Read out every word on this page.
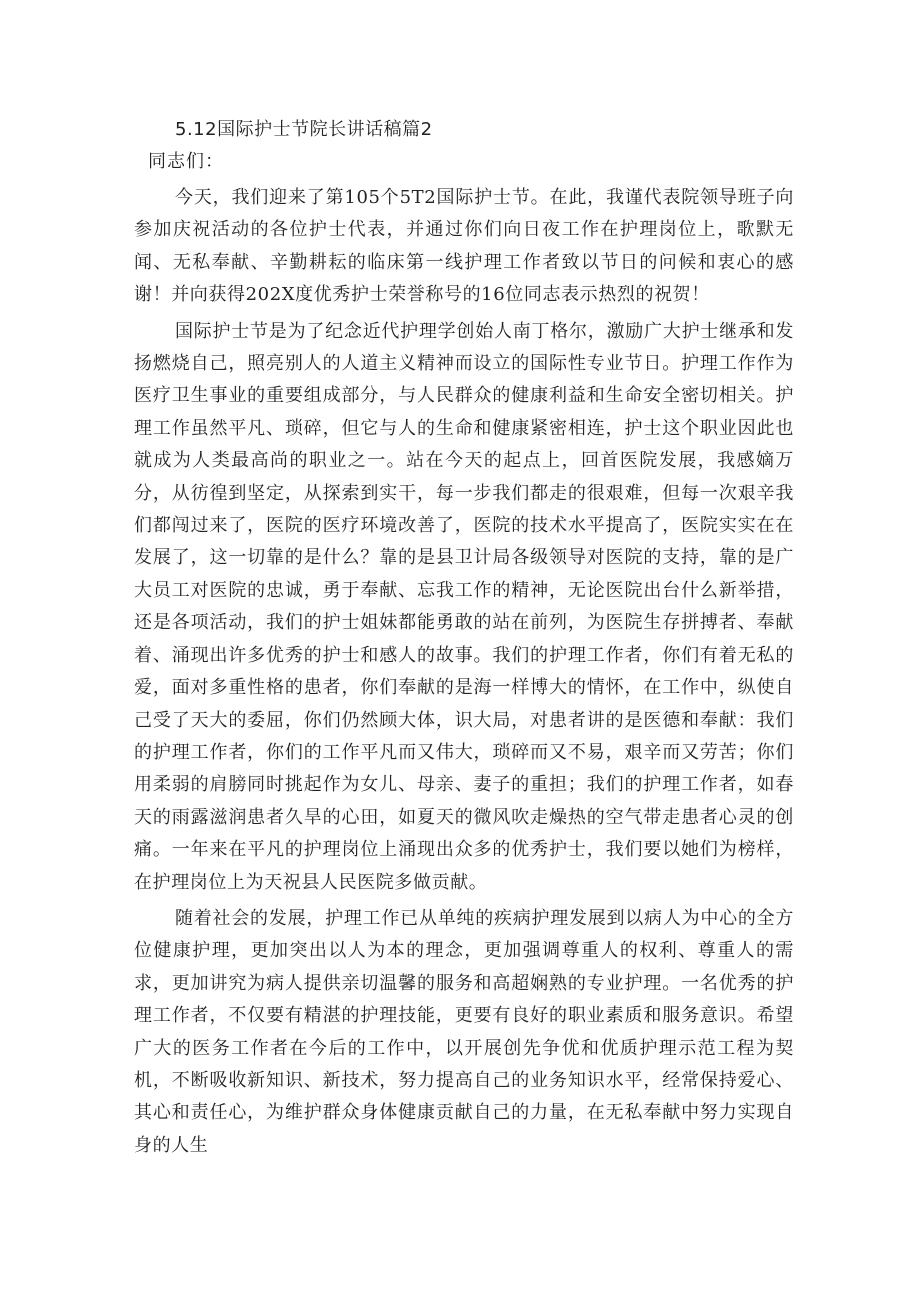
5.12国际护士节院长讲话稿篇2

同志们：

今天，我们迎来了第105个5T2国际护士节。在此，我谨代表院领导班子向参加庆祝活动的各位护士代表，并通过你们向日夜工作在护理岗位上，歌默无闻、无私奉献、辛勤耕耘的临床第一线护理工作者致以节日的问候和衷心的感谢！并向获得202X度优秀护士荣誉称号的16位同志表示热烈的祝贺！

国际护士节是为了纪念近代护理学创始人南丁格尔，激励广大护士继承和发扬燃烧自己，照亮别人的人道主义精神而设立的国际性专业节日。护理工作作为医疗卫生事业的重要组成部分，与人民群众的健康利益和生命安全密切相关。护理工作虽然平凡、琐碎，但它与人的生命和健康紧密相连，护士这个职业因此也就成为人类最高尚的职业之一。站在今天的起点上，回首医院发展，我感嫡万分，从彷徨到坚定，从探索到实干，每一步我们都走的很艰难，但每一次艰辛我们都闯过来了，医院的医疗环境改善了，医院的技术水平提高了，医院实实在在发展了，这一切靠的是什么？靠的是县卫计局各级领导对医院的支持，靠的是广大员工对医院的忠诚，勇于奉献、忘我工作的精神，无论医院出台什么新举措，还是各项活动，我们的护士姐妹都能勇敢的站在前列，为医院生存拼搏者、奉献着、涌现出许多优秀的护士和感人的故事。我们的护理工作者，你们有着无私的爱，面对多重性格的患者，你们奉献的是海一样博大的情怀，在工作中，纵使自己受了天大的委屈，你们仍然顾大体，识大局，对患者讲的是医德和奉献：我们的护理工作者，你们的工作平凡而又伟大，琐碎而又不易，艰辛而又劳苦；你们用柔弱的肩膀同时挑起作为女儿、母亲、妻子的重担；我们的护理工作者，如春天的雨露滋润患者久旱的心田，如夏天的微风吹走燥热的空气带走患者心灵的创痛。一年来在平凡的护理岗位上涌现出众多的优秀护士，我们要以她们为榜样，在护理岗位上为天祝县人民医院多做贡献。

随着社会的发展，护理工作已从单纯的疾病护理发展到以病人为中心的全方位健康护理，更加突出以人为本的理念，更加强调尊重人的权利、尊重人的需求，更加讲究为病人提供亲切温馨的服务和高超娴熟的专业护理。一名优秀的护理工作者，不仅要有精湛的护理技能，更要有良好的职业素质和服务意识。希望广大的医务工作者在今后的工作中，以开展创先争优和优质护理示范工程为契机，不断吸收新知识、新技术，努力提高自己的业务知识水平，经常保持爱心、其心和责任心，为维护群众身体健康贡献自己的力量，在无私奉献中努力实现自身的人生
